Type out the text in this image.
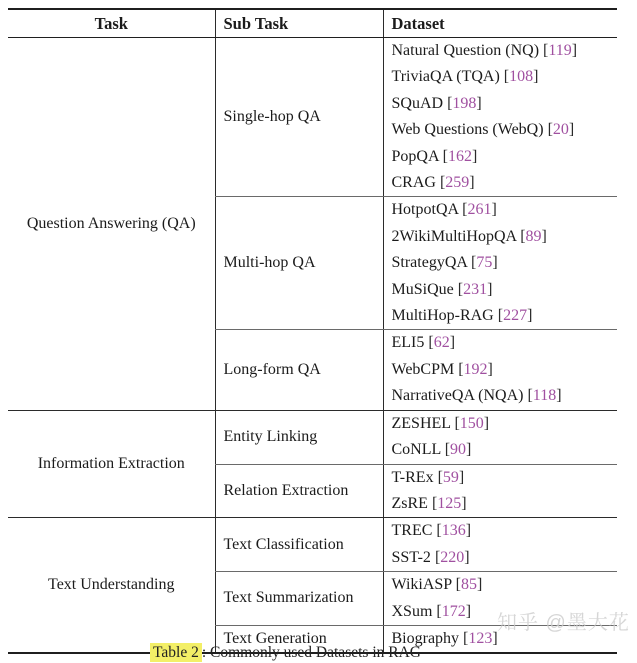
Task	Sub Task	Dataset
Question Answering (QA)	Single-hop QA	Natural Question (NQ) [119]
		TriviaQA (TQA) [108]
		SQuAD [198]
		Web Questions (WebQ) [20]
		PopQA [162]
		CRAG [259]
	Multi-hop QA	HotpotQA [261]
		2WikiMultiHopQA [89]
		StrategyQA [75]
		MuSiQue [231]
		MultiHop-RAG [227]
	Long-form QA	ELI5 [62]
		WebCPM [192]
		NarrativeQA (NQA) [118]
Information Extraction	Entity Linking	ZESHEL [150]
		CoNLL [90]
	Relation Extraction	T-REx [59]
		ZsRE [125]
Text Understanding	Text Classification	TREC [136]
		SST-2 [220]
	Text Summarization	WikiASP [85]
		XSum [172]
	Text Generation	Biography [123]
Table 2 : Commonly used Datasets in RAG
知乎 @墨大花
